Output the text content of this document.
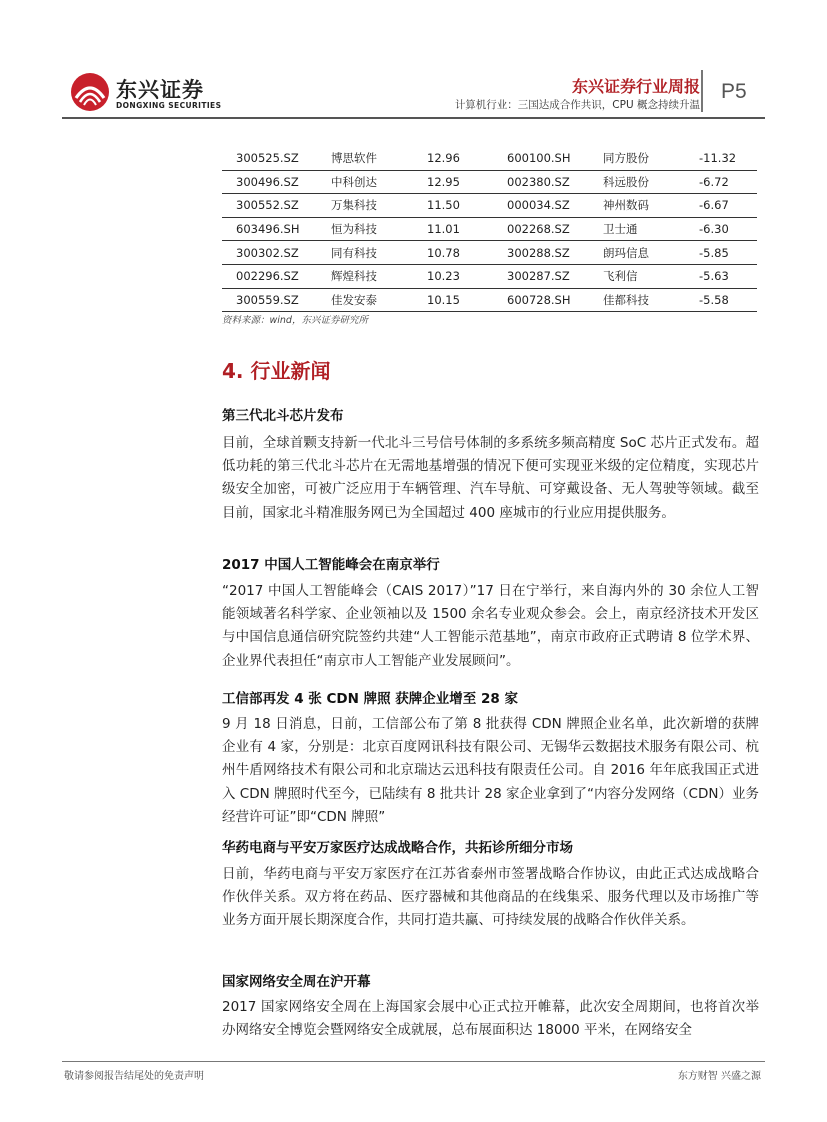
东兴证券
DONGXING SECURITIES
东兴证券行业周报
计算机行业：三国达成合作共识，CPU 概念持续升温
P5
300525.SZ	博思软件	12.96	600100.SH	同方股份	-11.32
300496.SZ	中科创达	12.95	002380.SZ	科远股份	-6.72
300552.SZ	万集科技	11.50	000034.SZ	神州数码	-6.67
603496.SH	恒为科技	11.01	002268.SZ	卫士通	-6.30
300302.SZ	同有科技	10.78	300288.SZ	朗玛信息	-5.85
002296.SZ	辉煌科技	10.23	300287.SZ	飞利信	-5.63
300559.SZ	佳发安泰	10.15	600728.SH	佳都科技	-5.58
资料来源：wind，东兴证券研究所
4. 行业新闻
第三代北斗芯片发布

目前，全球首颗支持新一代北斗三号信号体制的多系统多频高精度 SoC 芯片正式发布。超低功耗的第三代北斗芯片在无需地基增强的情况下便可实现亚米级的定位精度，实现芯片级安全加密，可被广泛应用于车辆管理、汽车导航、可穿戴设备、无人驾驶等领域。截至目前，国家北斗精准服务网已为全国超过 400 座城市的行业应用提供服务。

2017 中国人工智能峰会在南京举行

“2017 中国人工智能峰会（CAIS 2017）”17 日在宁举行，来自海内外的 30 余位人工智能领域著名科学家、企业领袖以及 1500 余名专业观众参会。会上，南京经济技术开发区与中国信息通信研究院签约共建“人工智能示范基地”，南京市政府正式聘请 8 位学术界、企业界代表担任“南京市人工智能产业发展顾问”。

工信部再发 4 张 CDN 牌照 获牌企业增至 28 家

9 月 18 日消息，日前，工信部公布了第 8 批获得 CDN 牌照企业名单，此次新增的获牌企业有 4 家，分别是：北京百度网讯科技有限公司、无锡华云数据技术服务有限公司、杭州牛盾网络技术有限公司和北京瑞达云迅科技有限责任公司。自 2016 年年底我国正式进入 CDN 牌照时代至今，已陆续有 8 批共计 28 家企业拿到了“内容分发网络（CDN）业务经营许可证”即“CDN 牌照”

华药电商与平安万家医疗达成战略合作，共拓诊所细分市场

日前，华药电商与平安万家医疗在江苏省泰州市签署战略合作协议，由此正式达成战略合作伙伴关系。双方将在药品、医疗器械和其他商品的在线集采、服务代理以及市场推广等业务方面开展长期深度合作，共同打造共赢、可持续发展的战略合作伙伴关系。

国家网络安全周在沪开幕

2017 国家网络安全周在上海国家会展中心正式拉开帷幕，此次安全周期间，也将首次举办网络安全博览会暨网络安全成就展，总布展面积达 18000 平米，在网络安全

敬请参阅报告结尾处的免责声明	东方财智 兴盛之源
